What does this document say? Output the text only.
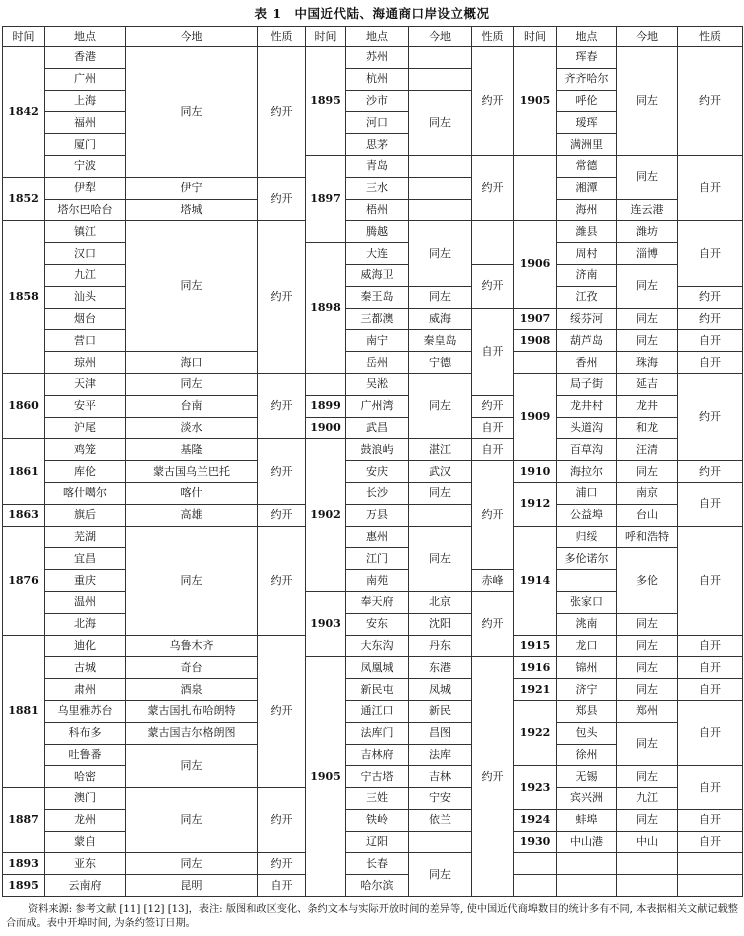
表 1　中国近代陆、海通商口岸设立概况
时间	地点	今地	性质	时间	地点	今地	性质	时间	地点	今地	性质	
1842	香港	同左	约开	1895	苏州		约开	1905	珲春	同左	约开	
	广州				杭州				齐齐哈尔			
	上海				沙市	同左			呼伦			
	福州				河口				瑷珲			
	厦门				思茅				满洲里			
	宁波			1897	青岛		约开		常德	同左	自开	
1852	伊犁	伊宁	约开		三水				湘潭			
	塔尔巴哈台	塔城			梧州				海州	连云港		
1858	镇江	同左	约开		腾越	同左		1906	潍县	潍坊	自开	
	汉口			1898	大连				周村	淄博		
	九江				威海卫		约开		济南	同左		
	汕头				秦王岛	同左			江孜		约开	
	烟台				三都澳	威海	自开	1907	绥芬河	同左	约开	
	营口				南宁	秦皇岛		1908	葫芦岛	同左	自开	
	琼州	海口			岳州	宁德			香州	珠海	自开	
1860	天津	同左	约开		吴淞	同左		1909	局子街	延吉	约开	
	安平	台南		1899	广州湾		约开		龙井村	龙井		
	沪尾	淡水		1900	武昌		自开		头道沟	和龙		
1861	鸡笼	基隆	约开	1902	鼓浪屿	湛江	自开		百草沟	汪清		
	库伦	蒙古国乌兰巴托			安庆	武汉	约开	1910	海拉尔	同左	约开	
	喀什噶尔	喀什			长沙	同左		1912	浦口	南京	自开	
1863	旗后	高雄	约开		万县				公益埠	台山		
1876	芜湖	同左	约开		惠州	同左		1914	归绥	呼和浩特	自开	
	宜昌				江门				多伦诺尔	多伦		
	重庆				南苑		赤峰					
	温州			1903	奉天府	北京	约开		张家口			
	北海				安东	沈阳			洮南	同左		
1881	迪化	乌鲁木齐	约开		大东沟	丹东		1915	龙口	同左	自开	
	古城	奇台		1905	凤凰城	东港	约开	1916	锦州	同左	自开	
	肃州	酒泉			新民屯	凤城		1921	济宁	同左	自开	
	乌里雅苏台	蒙古国扎布哈朗特			通江口	新民		1922	郑县	郑州	自开	
	科布多	蒙古国吉尔格朗图			法库门	昌图			包头	同左		
	吐鲁番	同左			吉林府	法库			徐州			
	哈密				宁古塔	吉林		1923	无锡	同左	自开	
1887	澳门	同左	约开		三姓	宁安			宾兴洲	九江		
	龙州				铁岭	依兰		1924	蚌埠	同左	自开	
	蒙自				辽阳			1930	中山港	中山	自开	
1893	亚东	同左	约开		长春	同左						
1895	云南府	昆明	自开		哈尔滨							
资料来源: 参考文献 [11] [12] [13]，表注: 版图和政区变化、条约文本与实际开放时间的差异等, 使中国近代商埠数目的统计多有不同, 本表据相关文献记载整合而成。表中开埠时间, 为条约签订日期。
